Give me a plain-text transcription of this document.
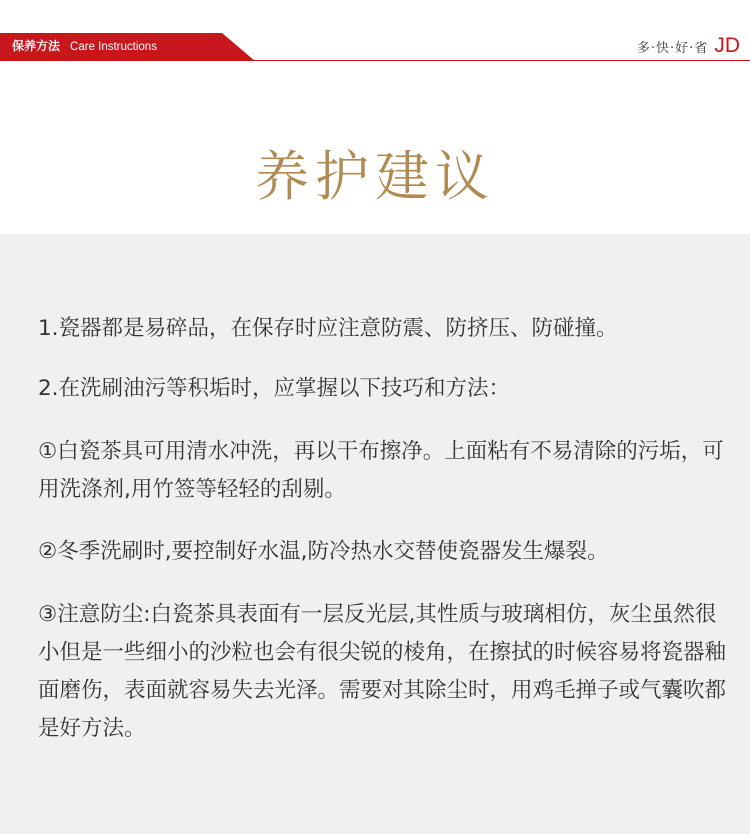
保养方法 Care Instructions	多·快·好·省 JD
养护建议

1.瓷器都是易碎品，在保存时应注意防震、防挤压、防碰撞。

2.在洗刷油污等积垢时，应掌握以下技巧和方法：

①白瓷茶具可用清水冲洗，再以干布擦净。上面粘有不易清除的污垢，可用洗涤剂,用竹签等轻轻的刮剔。

②冬季洗刷时,要控制好水温,防冷热水交替使瓷器发生爆裂。

③注意防尘:白瓷茶具表面有一层反光层,其性质与玻璃相仿，灰尘虽然很小但是一些细小的沙粒也会有很尖锐的棱角，在擦拭的时候容易将瓷器釉面磨伤，表面就容易失去光泽。需要对其除尘时，用鸡毛掸子或气囊吹都是好方法。
